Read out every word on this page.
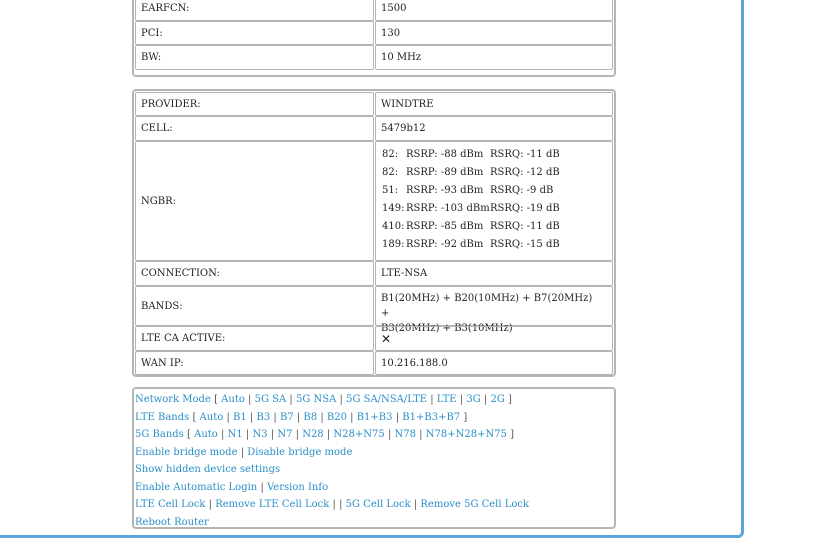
EARFCN:	1500
PCI:	130
BW:	10 MHz
PROVIDER:	WINDTRE
CELL:	5479b12
NGBR:
82: RSRP: -88 dBm RSRQ: -11 dB
82: RSRP: -89 dBm RSRQ: -12 dB
51: RSRP: -93 dBm RSRQ: -9 dB
149: RSRP: -103 dBmRSRQ: -19 dB
410: RSRP: -85 dBm RSRQ: -11 dB
189: RSRP: -92 dBm RSRQ: -15 dB
CONNECTION:	LTE-NSA
BANDS:
B1(20MHz) + B20(10MHz) + B7(20MHz) +
B3(20MHz) + B3(10MHz)
LTE CA ACTIVE:	✕
WAN IP:	10.216.188.0
Network Mode [ Auto | 5G SA | 5G NSA | 5G SA/NSA/LTE | LTE | 3G | 2G ]
LTE Bands [ Auto | B1 | B3 | B7 | B8 | B20 | B1+B3 | B1+B3+B7 ]
5G Bands [ Auto | N1 | N3 | N7 | N28 | N28+N75 | N78 | N78+N28+N75 ]
Enable bridge mode | Disable bridge mode
Show hidden device settings
Enable Automatic Login | Version Info
LTE Cell Lock | Remove LTE Cell Lock | | 5G Cell Lock | Remove 5G Cell Lock
Reboot Router
